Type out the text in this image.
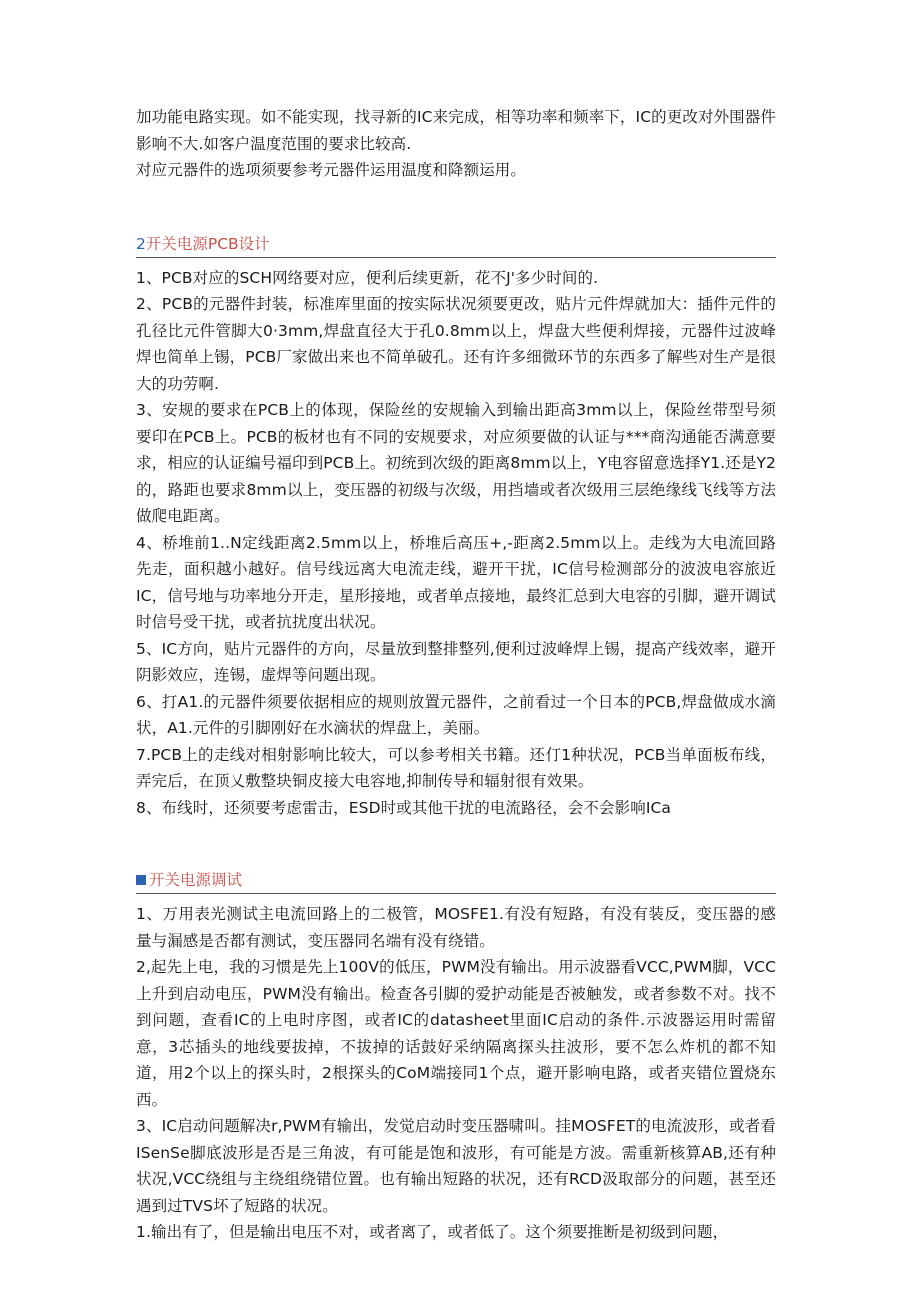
加功能电路实现。如不能实现，找寻新的IC来完成，相等功率和频率下，IC的更改对外围器件影响不大.如客户温度范围的要求比较高.

对应元器件的选项须要参考元器件运用温度和降额运用。

2开关电源PCB设计

1、PCB对应的SCH网络要对应，便利后续更新，花不J'多少时间的.

2、PCB的元器件封装，标准库里面的按实际状况须要更改，贴片元件焊就加大：插件元件的孔径比元件管脚大0·3mm,焊盘直径大于孔0.8mm以上，焊盘大些便利焊接，元器件过波峰焊也简单上锡，PCB厂家做出来也不简单破孔。还有许多细微环节的东西多了解些对生产是很大的功劳啊.

3、安规的要求在PCB上的体现，保险丝的安规输入到输出距高3mm以上，保险丝带型号须要印在PCB上。PCB的板材也有不同的安规要求，对应须要做的认证与***商沟通能否满意要求，相应的认证编号福印到PCB上。初统到次级的距离8mm以上，Y电容留意选择Y1.还是Y2的，路距也要求8mm以上，变压器的初级与次级，用挡墙或者次级用三层绝缘线飞线等方法做爬电距离。

4、桥堆前1..N定线距离2.5mm以上，桥堆后高压+,-距离2.5mm以上。走线为大电流回路先走，面积越小越好。信号线远离大电流走线，避开干扰，IC信号检测部分的波波电容旅近IC，信号地与功率地分开走，星形接地，或者单点接地，最终汇总到大电容的引脚，避开调试时信号受干扰，或者抗扰度出状况。

5、IC方向，贴片元器件的方向，尽量放到整排整列,便利过波峰焊上锡，提高产线效率，避开阴影效应，连锡，虚焊等问题出现。

6、打A1.的元器件须要依据相应的规则放置元器件，之前看过一个日本的PCB,焊盘做成水滴状，A1.元件的引脚刚好在水滴状的焊盘上，美丽。

7.PCB上的走线对相射影响比较大，可以参考相关书籍。还仃1种状况，PCB当单面板布线，弄完后，在顶乂敷整块铜皮接大电容地,抑制传导和辐射很有效果。

8、布线时，还须要考虑雷击，ESD时或其他干扰的电流路径，会不会影响ICa

开关电源调试

1、万用表光测试主电流回路上的二极管，MOSFE1.有没有短路，有没有装反，变压器的感量与漏感是否都有测试，变压器同名端有没有绕错。

2,起先上电，我的习惯是先上100V的低压，PWM没有输出。用示波器看VCC,PWM脚，VCC上升到启动电压，PWM没有输出。检查各引脚的爱护动能是否被触发，或者参数不对。找不到问题，查看IC的上电时序图，或者IC的datasheet里面IC启动的条件.示波器运用时需留意，3芯插头的地线要拔掉，不拔掉的话鼓好采纳隔离探头拄波形，要不怎么炸机的都不知道，用2个以上的探头时，2根探头的CoM端接同1个点，避开影响电路，或者夹错位置烧东西。

3、IC启动问题解决r,PWM有输出，发觉启动时变压器啸叫。挂MOSFET的电流波形，或者看ISenSe脚底波形是否是三角波，有可能是饱和波形，有可能是方波。需重新核算AB,还有种状况,VCC绕组与主绕组绕错位置。也有输出短路的状况，还有RCD汲取部分的问题，甚至还遇到过TVS坏了短路的状况。

1.输出有了，但是输出电压不对，或者离了，或者低了。这个须要推断是初级到问题，
